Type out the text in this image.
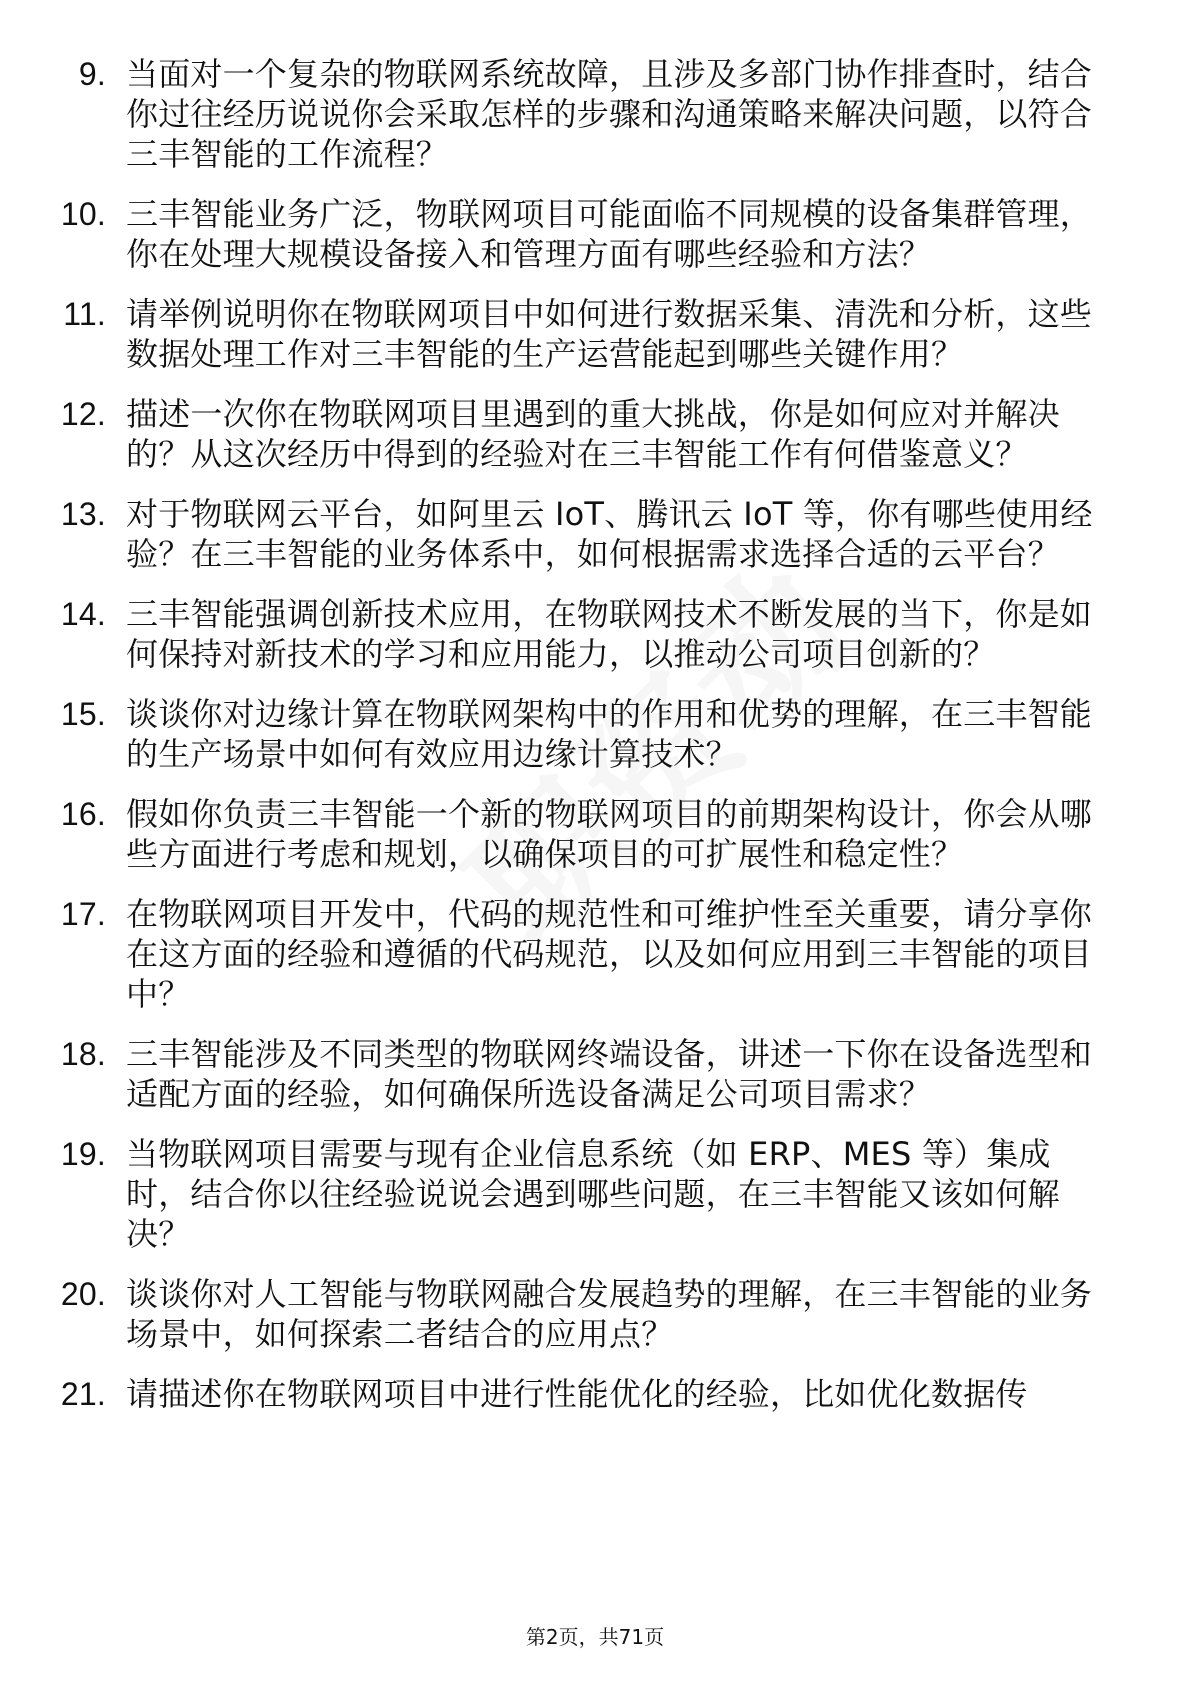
9. 当面对一个复杂的物联网系统故障，且涉及多部门协作排查时，结合你过往经历说说你会采取怎样的步骤和沟通策略来解决问题，以符合三丰智能的工作流程？
10. 三丰智能业务广泛，物联网项目可能面临不同规模的设备集群管理，你在处理大规模设备接入和管理方面有哪些经验和方法？
11. 请举例说明你在物联网项目中如何进行数据采集、清洗和分析，这些数据处理工作对三丰智能的生产运营能起到哪些关键作用？
12. 描述一次你在物联网项目里遇到的重大挑战，你是如何应对并解决的？从这次经历中得到的经验对在三丰智能工作有何借鉴意义？
13. 对于物联网云平台，如阿里云 IoT、腾讯云 IoT 等，你有哪些使用经验？在三丰智能的业务体系中，如何根据需求选择合适的云平台？
14. 三丰智能强调创新技术应用，在物联网技术不断发展的当下，你是如何保持对新技术的学习和应用能力，以推动公司项目创新的？
15. 谈谈你对边缘计算在物联网架构中的作用和优势的理解，在三丰智能的生产场景中如何有效应用边缘计算技术？
16. 假如你负责三丰智能一个新的物联网项目的前期架构设计，你会从哪些方面进行考虑和规划，以确保项目的可扩展性和稳定性？
17. 在物联网项目开发中，代码的规范性和可维护性至关重要，请分享你在这方面的经验和遵循的代码规范，以及如何应用到三丰智能的项目中？
18. 三丰智能涉及不同类型的物联网终端设备，讲述一下你在设备选型和适配方面的经验，如何确保所选设备满足公司项目需求？
19. 当物联网项目需要与现有企业信息系统（如 ERP、MES 等）集成时，结合你以往经验说说会遇到哪些问题，在三丰智能又该如何解决？
20. 谈谈你对人工智能与物联网融合发展趋势的理解，在三丰智能的业务场景中，如何探索二者结合的应用点？
21. 请描述你在物联网项目中进行性能优化的经验，比如优化数据传
第2页，共71页
